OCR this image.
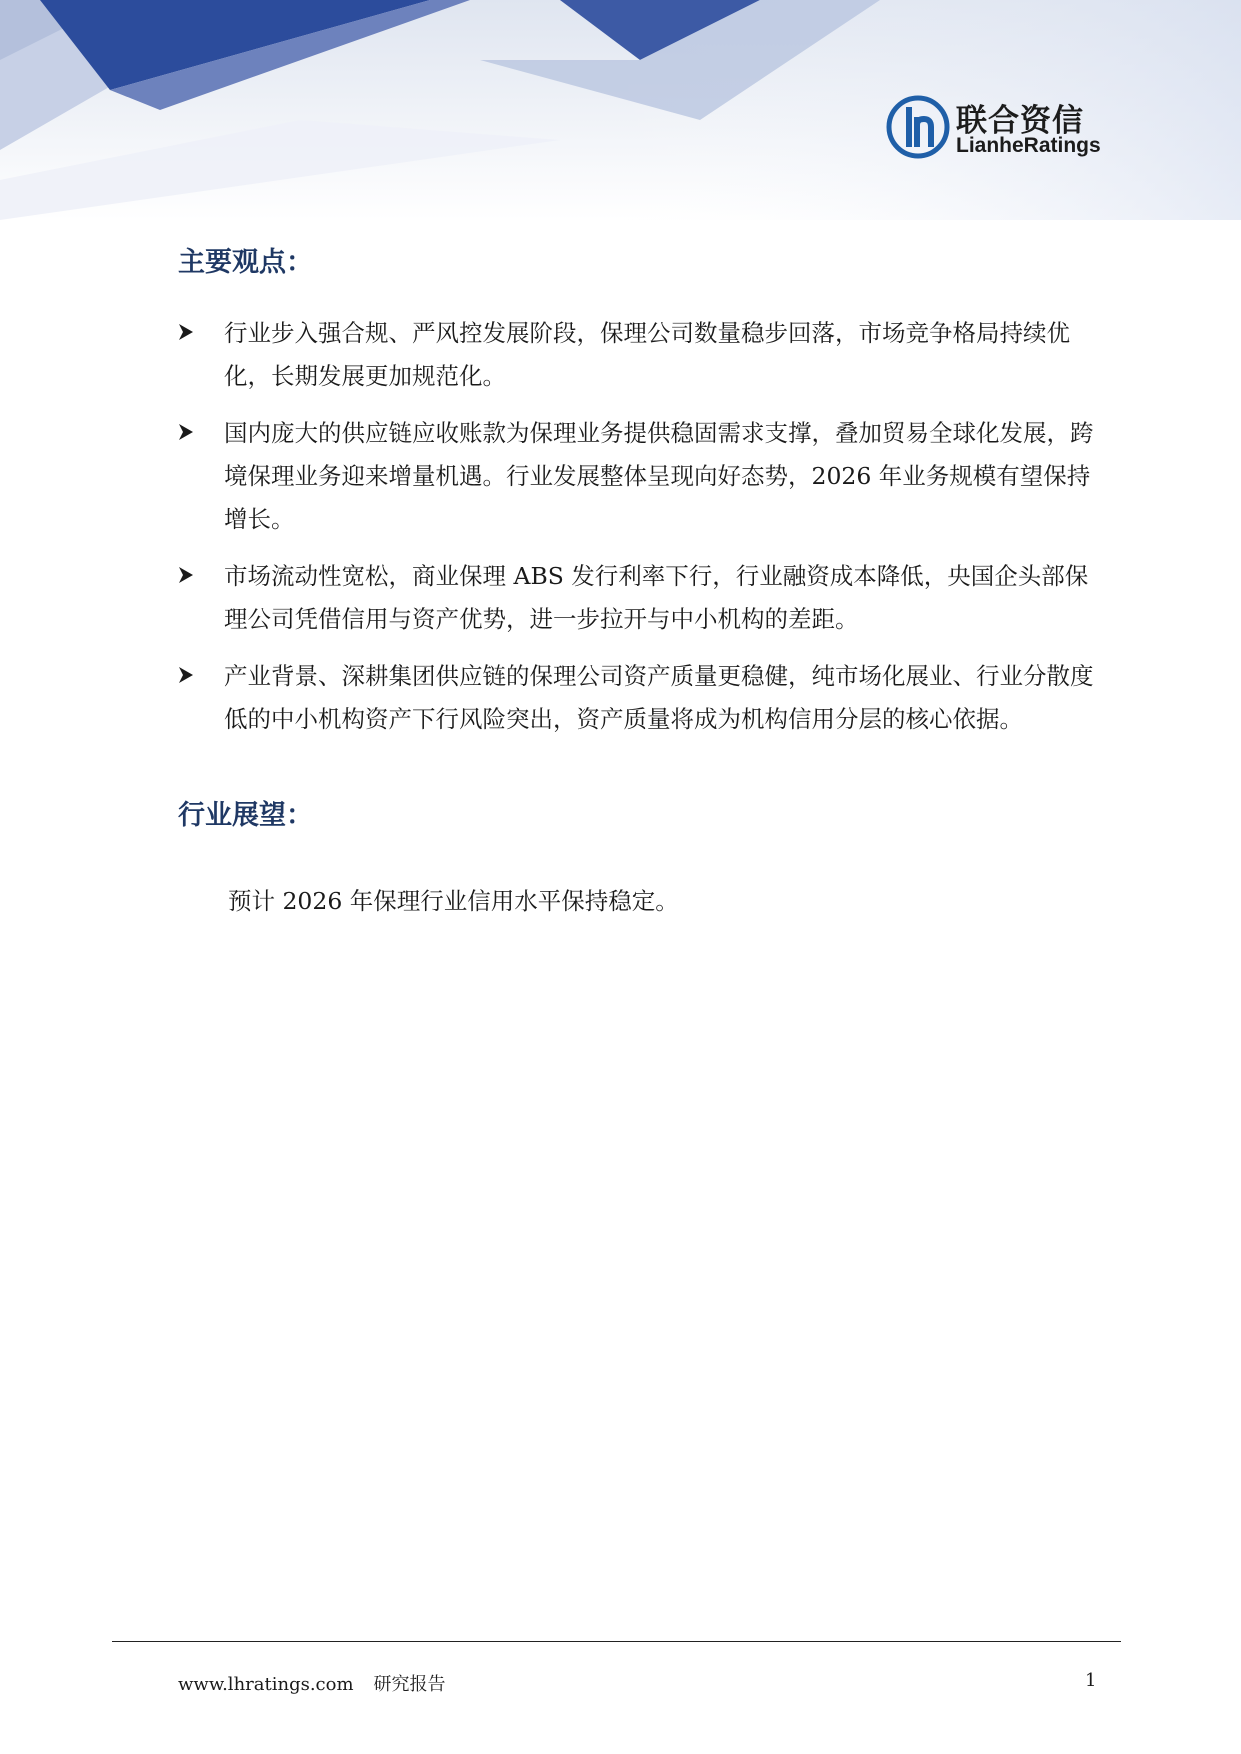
联合资信
LianheRatings
主要观点：
行业步入强合规、严风控发展阶段，保理公司数量稳步回落，市场竞争格局持续优化，长期发展更加规范化。
国内庞大的供应链应收账款为保理业务提供稳固需求支撑，叠加贸易全球化发展，跨境保理业务迎来增量机遇。行业发展整体呈现向好态势，2026 年业务规模有望保持增长。
市场流动性宽松，商业保理 ABS 发行利率下行，行业融资成本降低，央国企头部保理公司凭借信用与资产优势，进一步拉开与中小机构的差距。
产业背景、深耕集团供应链的保理公司资产质量更稳健，纯市场化展业、行业分散度低的中小机构资产下行风险突出，资产质量将成为机构信用分层的核心依据。
行业展望：

预计 2026 年保理行业信用水平保持稳定。

www.lhratings.com 研究报告	1
